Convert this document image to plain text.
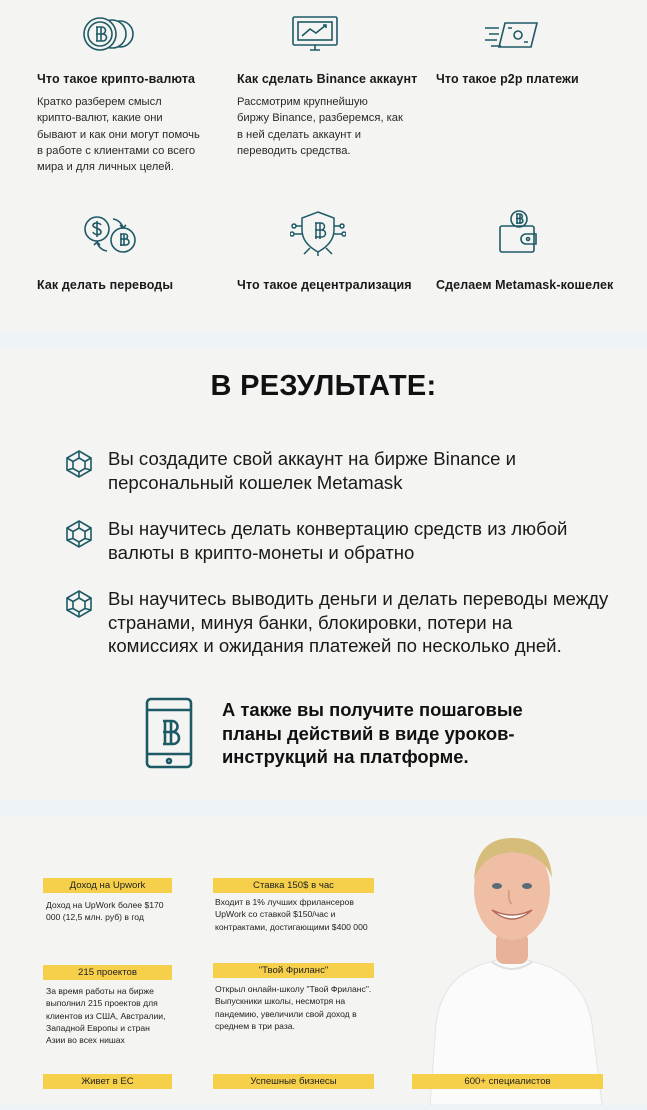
Что такое крипто-валюта
Кратко разберем смысл
крипто-валют, какие они
бывают и как они могут помочь
в работе с клиентами со всего
мира и для личных целей.
Как сделать Binance аккаунт
Рассмотрим крупнейшую
биржу Binance, разберемся, как
в ней сделать аккаунт и
переводить средства.
Что такое p2p платежи
Как делать переводы	Что такое децентрализация Сделаем Metamask-кошелек
В РЕЗУЛЬТАТЕ:
Вы создадите свой аккаунт на бирже Binance и
персональный кошелек Metamask
Вы научитесь делать конвертацию средств из любой
валюты в крипто-монеты и обратно
Вы научитесь выводить деньги и делать переводы между
странами, минуя банки, блокировки, потери на
комиссиях и ожидания платежей по несколько дней.
А также вы получите пошаговые
планы действий в виде уроков-
инструкций на платформе.
Доход на Upwork
Доход на UpWork более $170
000 (12,5 млн. руб) в год
Ставка 150$ в час
Входит в 1% лучших фрилансеров
UpWork со ставкой $150/час и
контрактами, достигающими $400 000
215 проектов
За время работы на бирже
выполнил 215 проектов для
клиентов из США, Австралии,
Западной Европы и стран
Азии во всех нишах
"Твой Фриланс"
Открыл онлайн-школу "Твой Фриланс".
Выпускники школы, несмотря на
пандемию, увеличили свой доход в
среднем в три раза.
Живет в ЕС	Успешные бизнесы	600+ специалистов
